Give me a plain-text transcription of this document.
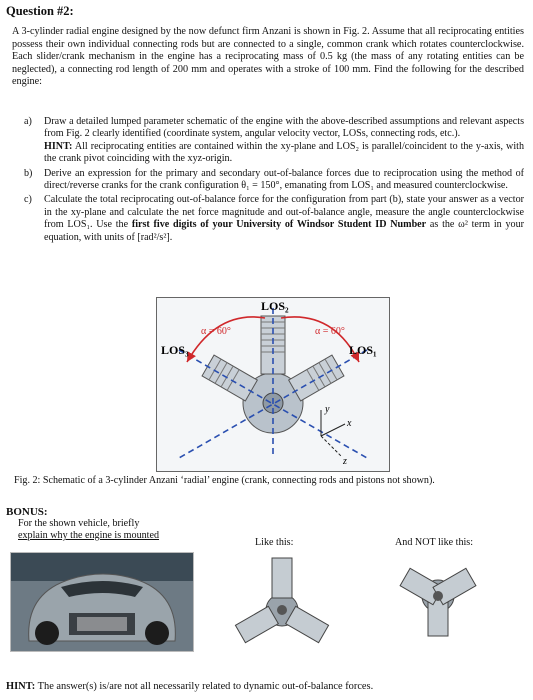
Question #2:
A 3-cylinder radial engine designed by the now defunct firm Anzani is shown in Fig. 2. Assume that all reciprocating entities possess their own individual connecting rods but are connected to a single, common crank which rotates counterclockwise. Each slider/crank mechanism in the engine has a reciprocating mass of 0.5 kg (the mass of any rotating entities can be neglected), a connecting rod length of 200 mm and operates with a stroke of 100 mm. Find the following for the described engine:
a)	Draw a detailed lumped parameter schematic of the engine with the above-described assumptions and relevant aspects from Fig. 2 clearly identified (coordinate system, angular velocity vector, LOSs, connecting rods, etc.).
HINT: All reciprocating entities are contained within the xy-plane and LOS₂ is parallel/coincident to the y-axis, with the crank pivot coinciding with the xyz-origin.
b)	Derive an expression for the primary and secondary out-of-balance forces due to reciprocation using the method of direct/reverse cranks for the crank configuration θ₁ = 150°, emanating from LOS₁ and measured counterclockwise.
c)	Calculate the total reciprocating out-of-balance force for the configuration from part (b), state your answer as a vector in the xy-plane and calculate the net force magnitude and out-of-balance angle, measure the angle counterclockwise from LOS₁. Use the first five digits of your University of Windsor Student ID Number as the ω² term in your equation, with units of [rad²/s²].
LOS₂
LOS₃	LOS₁
α = 60°	α = 60°
y
x
z
Fig. 2: Schematic of a 3-cylinder Anzani ‘radial’ engine (crank, connecting rods and pistons not shown).
BONUS:
For the shown vehicle, briefly
explain why the engine is mounted
Like this:	And NOT like this:
HINT: The answer(s) is/are not all necessarily related to dynamic out-of-balance forces.
